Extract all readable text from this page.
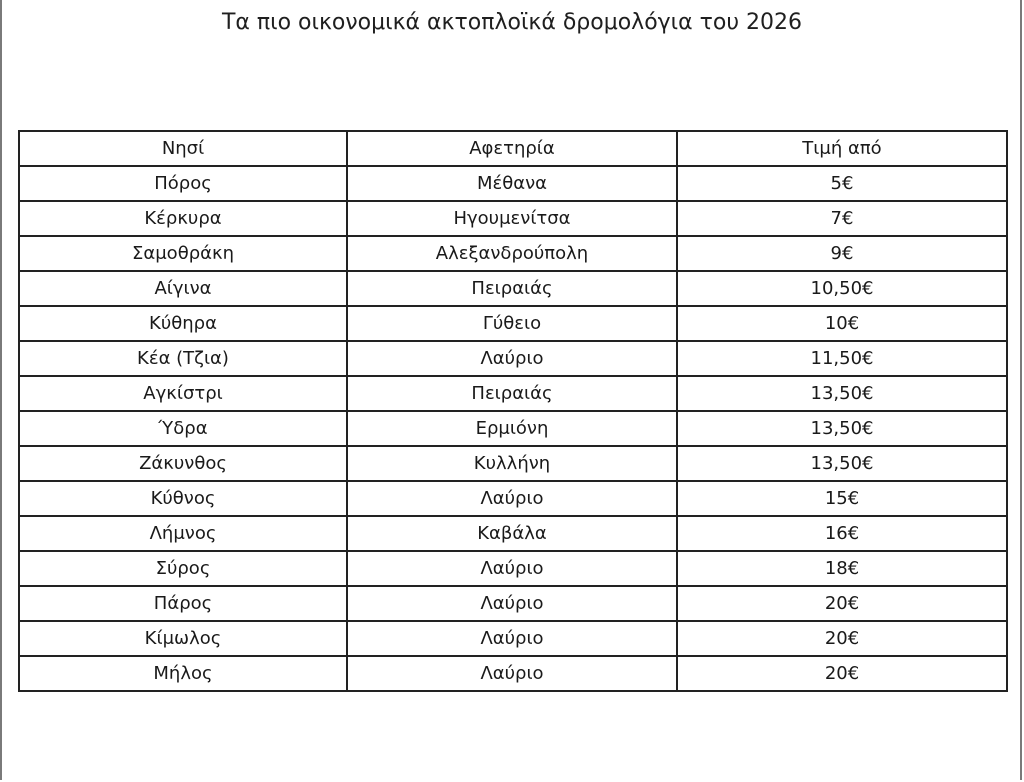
Τα πιο οικονομικά ακτοπλοϊκά δρομολόγια του 2026
Νησί	Αφετηρία	Τιμή από
Πόρος	Μέθανα	5€
Κέρκυρα	Ηγουμενίτσα	7€
Σαμοθράκη	Αλεξανδρούπολη	9€
Αίγινα	Πειραιάς	10,50€
Κύθηρα	Γύθειο	10€
Κέα (Τζια)	Λαύριο	11,50€
Αγκίστρι	Πειραιάς	13,50€
Ύδρα	Ερμιόνη	13,50€
Ζάκυνθος	Κυλλήνη	13,50€
Κύθνος	Λαύριο	15€
Λήμνος	Καβάλα	16€
Σύρος	Λαύριο	18€
Πάρος	Λαύριο	20€
Κίμωλος	Λαύριο	20€
Μήλος	Λαύριο	20€
